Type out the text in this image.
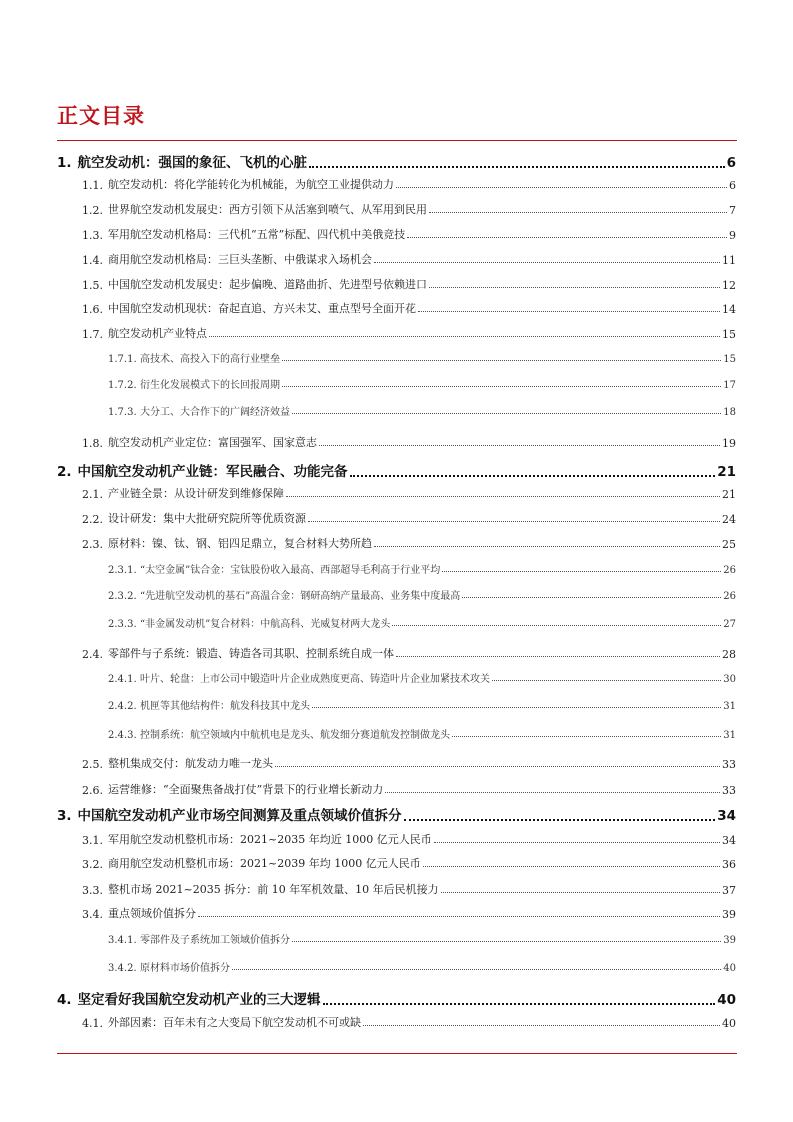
正文目录
1. 航空发动机：强国的象征、飞机的心脏	6
1.1. 航空发动机：将化学能转化为机械能，为航空工业提供动力	6
1.2. 世界航空发动机发展史：西方引领下从活塞到喷气、从军用到民用	7
1.3. 军用航空发动机格局：三代机“五常”标配、四代机中美俄竞技	9
1.4. 商用航空发动机格局：三巨头垄断、中俄谋求入场机会	11
1.5. 中国航空发动机发展史：起步偏晚、道路曲折、先进型号依赖进口	12
1.6. 中国航空发动机现状：奋起直追、方兴未艾、重点型号全面开花	14
1.7. 航空发动机产业特点	15
1.7.1. 高技术、高投入下的高行业壁垒	15
1.7.2. 衍生化发展模式下的长回报周期	17
1.7.3. 大分工、大合作下的广阔经济效益	18
1.8. 航空发动机产业定位：富国强军、国家意志	19
2. 中国航空发动机产业链：军民融合、功能完备	21
2.1. 产业链全景：从设计研发到维修保障	21
2.2. 设计研发：集中大批研究院所等优质资源	24
2.3. 原材料：镍、钛、钢、铝四足鼎立，复合材料大势所趋	25
2.3.1. “太空金属”钛合金：宝钛股份收入最高、西部超导毛利高于行业平均	26
2.3.2. “先进航空发动机的基石”高温合金：钢研高纳产量最高、业务集中度最高	26
2.3.3. “非金属发动机”复合材料：中航高科、光威复材两大龙头	27
2.4. 零部件与子系统：锻造、铸造各司其职、控制系统自成一体	28
2.4.1. 叶片、轮盘：上市公司中锻造叶片企业成熟度更高、铸造叶片企业加紧技术攻关	30
2.4.2. 机匣等其他结构件：航发科技其中龙头	31
2.4.3. 控制系统：航空领域内中航机电是龙头、航发细分赛道航发控制做龙头	31
2.5. 整机集成交付：航发动力唯一龙头	33
2.6. 运营维修：“全面聚焦备战打仗”背景下的行业增长新动力	33
3. 中国航空发动机产业市场空间测算及重点领域价值拆分	34
3.1. 军用航空发动机整机市场：2021~2035 年均近 1000 亿元人民币	34
3.2. 商用航空发动机整机市场：2021~2039 年均 1000 亿元人民币	36
3.3. 整机市场 2021~2035 拆分：前 10 年军机效量、10 年后民机接力	37
3.4. 重点领域价值拆分	39
3.4.1. 零部件及子系统加工领域价值拆分	39
3.4.2. 原材料市场价值拆分	40
4. 坚定看好我国航空发动机产业的三大逻辑	40
4.1. 外部因素：百年未有之大变局下航空发动机不可或缺	40
